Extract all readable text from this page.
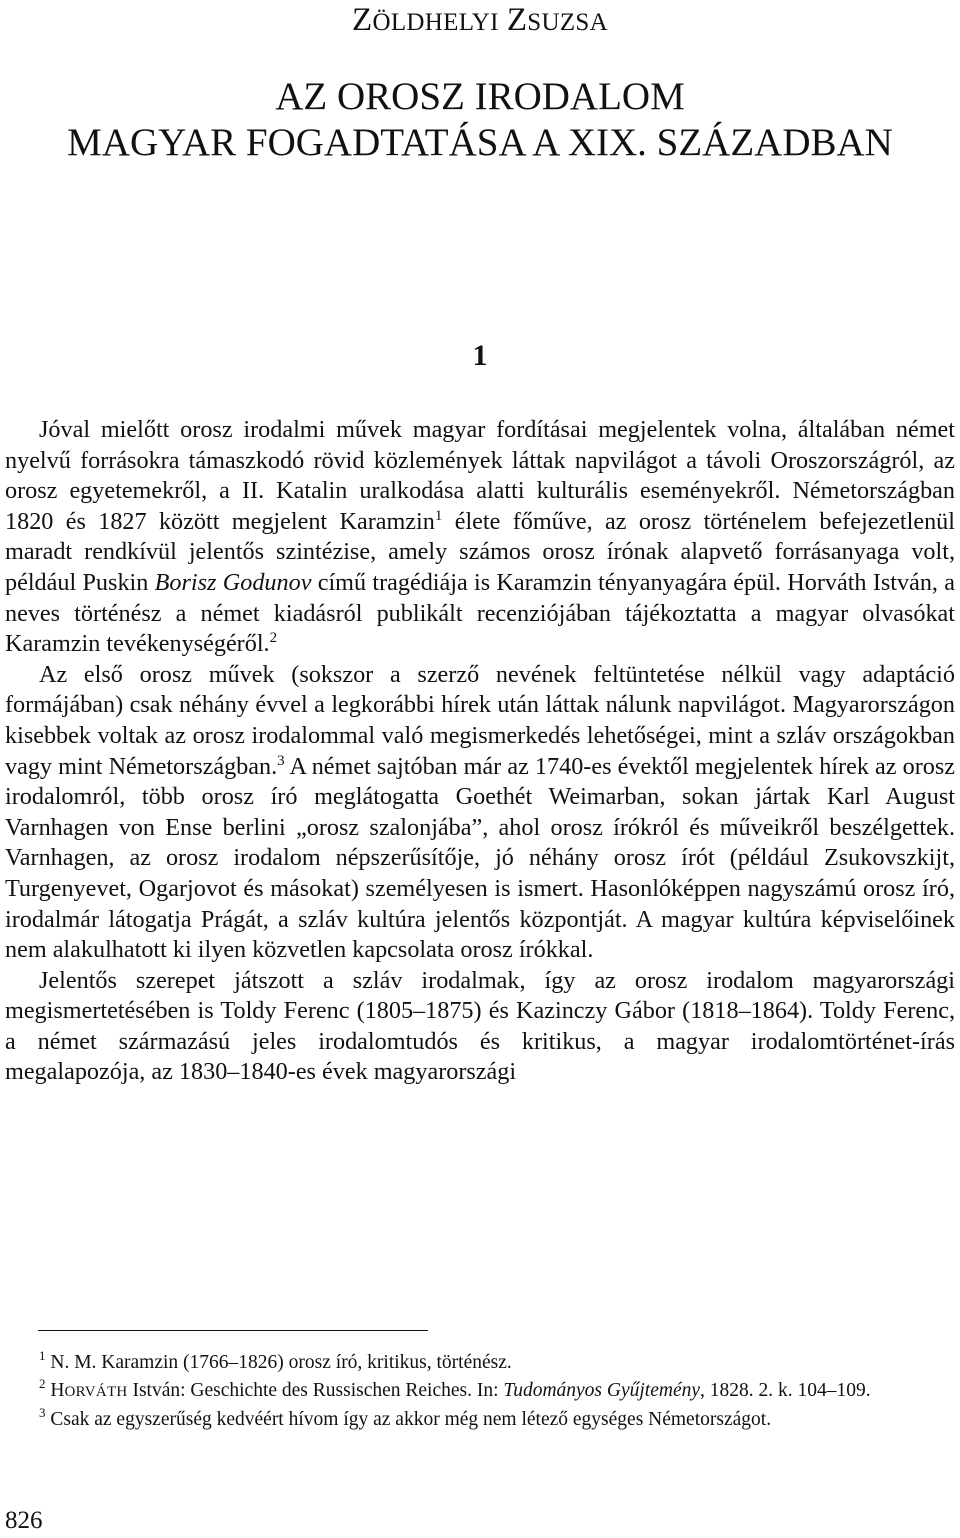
ZÖLDHELYI ZSUZSA
AZ OROSZ IRODALOM
MAGYAR FOGADTATÁSA A XIX. SZÁZADBAN
1

Jóval mielőtt orosz irodalmi művek magyar fordításai megjelentek volna, általában német nyelvű forrásokra támaszkodó rövid közlemények láttak napvilágot a távoli Oroszországról, az orosz egyetemekről, a II. Katalin uralkodása alatti kulturális eseményekről. Németországban 1820 és 1827 között megjelent Karamzin$^1$ élete főműve, az orosz történelem befejezetlenül maradt rendkívül jelentős szintézise, amely számos orosz írónak alapvető forrásanyaga volt, például Puskin Borisz Godunov című tragédiája is Karamzin tényanyagára épül. Horváth István, a neves történész a német kiadásról publikált recenziójában tájékoztatta a magyar olvasókat Karamzin tevékenységéről.$^2$

Az első orosz művek (sokszor a szerző nevének feltüntetése nélkül vagy adaptáció formájában) csak néhány évvel a legkorábbi hírek után láttak nálunk napvilágot. Magyarországon kisebbek voltak az orosz irodalommal való megismerkedés lehetőségei, mint a szláv országokban vagy mint Németországban.$^3$ A német sajtóban már az 1740-es évektől megjelentek hírek az orosz irodalomról, több orosz író meglátogatta Goethét Weimarban, sokan jártak Karl August Varnhagen von Ense berlini „orosz szalonjába”, ahol orosz írókról és műveikről beszélgettek. Varnhagen, az orosz irodalom népszerűsítője, jó néhány orosz írót (például Zsukovszkijt, Turgenyevet, Ogarjovot és másokat) személyesen is ismert. Hasonlóképpen nagyszámú orosz író, irodalmár látogatja Prágát, a szláv kultúra jelentős központját. A magyar kultúra képviselőinek nem alakulhatott ki ilyen közvetlen kapcsolata orosz írókkal.

Jelentős szerepet játszott a szláv irodalmak, így az orosz irodalom magyarországi megismertetésében is Toldy Ferenc (1805–1875) és Kazinczy Gábor (1818–1864). Toldy Ferenc, a német származású jeles irodalomtudós és kritikus, a magyar irodalomtörténet-írás megalapozója, az 1830–1840-es évek magyarországi

$^1$ N. M. Karamzin (1766–1826) orosz író, kritikus, történész.

$^2$ HORVÁTH István: Geschichte des Russischen Reiches. In: Tudományos Gyűjtemény, 1828. 2. k. 104–109.

$^3$ Csak az egyszerűség kedvéért hívom így az akkor még nem létező egységes Németországot.

826
